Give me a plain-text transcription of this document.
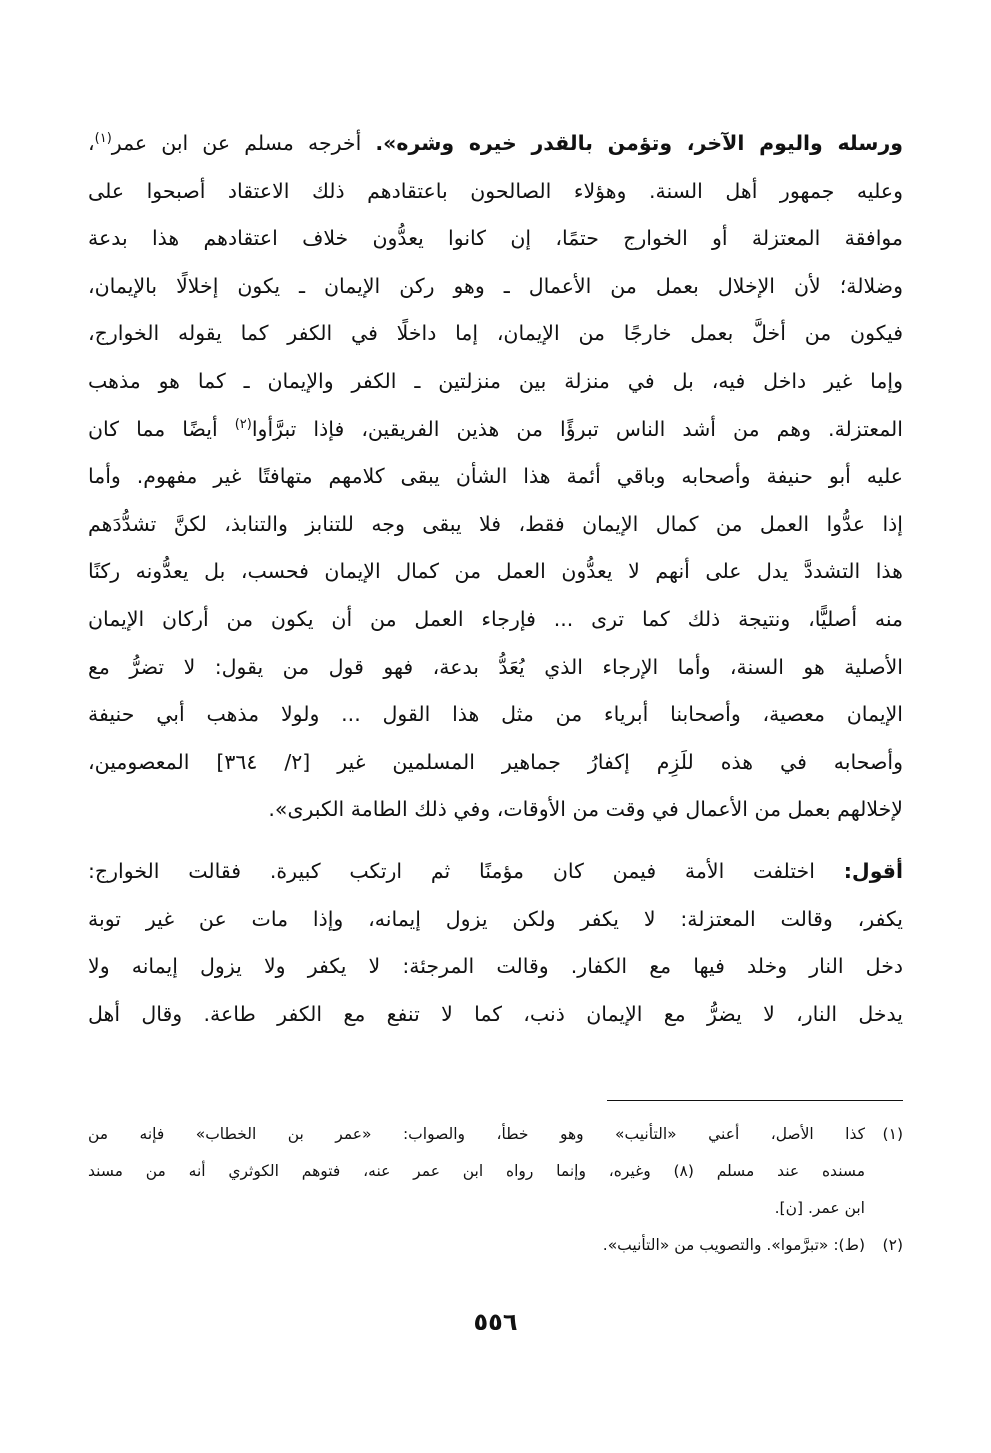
ورسله واليوم الآخر، وتؤمن بالقدر خيره وشره». أخرجه مسلم عن ابن عمر$^{(١)}$،
وعليه جمهور أهل السنة. وهؤلاء الصالحون باعتقادهم ذلك الاعتقاد أصبحوا على
موافقة المعتزلة أو الخوارج حتمًا، إن كانوا يعدُّون خلاف اعتقادهم هذا بدعة
وضلالة؛ لأن الإخلال بعمل من الأعمال ـ وهو ركن الإيمان ـ يكون إخلالًا بالإيمان،
فيكون من أخلَّ بعمل خارجًا من الإيمان، إما داخلًا في الكفر كما يقوله الخوارج،
وإما غير داخل فيه، بل في منزلة بين منزلتين ـ الكفر والإيمان ـ كما هو مذهب
المعتزلة. وهم من أشد الناس تبرؤًا من هذين الفريقين، فإذا تبرَّأوا$^{(٢)}$ أيضًا مما كان
عليه أبو حنيفة وأصحابه وباقي أئمة هذا الشأن يبقى كلامهم متهافتًا غير مفهوم. وأما
إذا عدُّوا العمل من كمال الإيمان فقط، فلا يبقى وجه للتنابز والتنابذ، لكنَّ تشدُّدَهم
هذا التشددَّ يدل على أنهم لا يعدُّون العمل من كمال الإيمان فحسب، بل يعدُّونه ركنًا
منه أصليًّا، ونتيجة ذلك كما ترى ... فإرجاء العمل من أن يكون من أركان الإيمان
الأصلية هو السنة، وأما الإرجاء الذي يُعَدُّ بدعة، فهو قول من يقول: لا تضرُّ مع
الإيمان معصية، وأصحابنا أبرياء من مثل هذا القول ... ولولا مذهب أبي حنيفة
وأصحابه في هذه للَزِم إكفارُ جماهير المسلمين غير [٢/ ٣٦٤] المعصومين،
لإخلالهم بعمل من الأعمال في وقت من الأوقات، وفي ذلك الطامة الكبرى».
أقول: اختلفت الأمة فيمن كان مؤمنًا ثم ارتكب كبيرة. فقالت الخوارج:
يكفر، وقالت المعتزلة: لا يكفر ولكن يزول إيمانه، وإذا مات عن غير توبة
دخل النار وخلد فيها مع الكفار. وقالت المرجئة: لا يكفر ولا يزول إيمانه ولا
يدخل النار، لا يضرُّ مع الإيمان ذنب، كما لا تنفع مع الكفر طاعة. وقال أهل
(١)كذا الأصل، أعني «التأنيب» وهو خطأ، والصواب: «عمر بن الخطاب» فإنه من
مسنده عند مسلم (٨) وغيره، وإنما رواه ابن عمر عنه، فتوهم الكوثري أنه من مسند
ابن عمر. [ن].
(٢)(ط): «تبرَّموا». والتصويب من «التأنيب».
٥٥٦
